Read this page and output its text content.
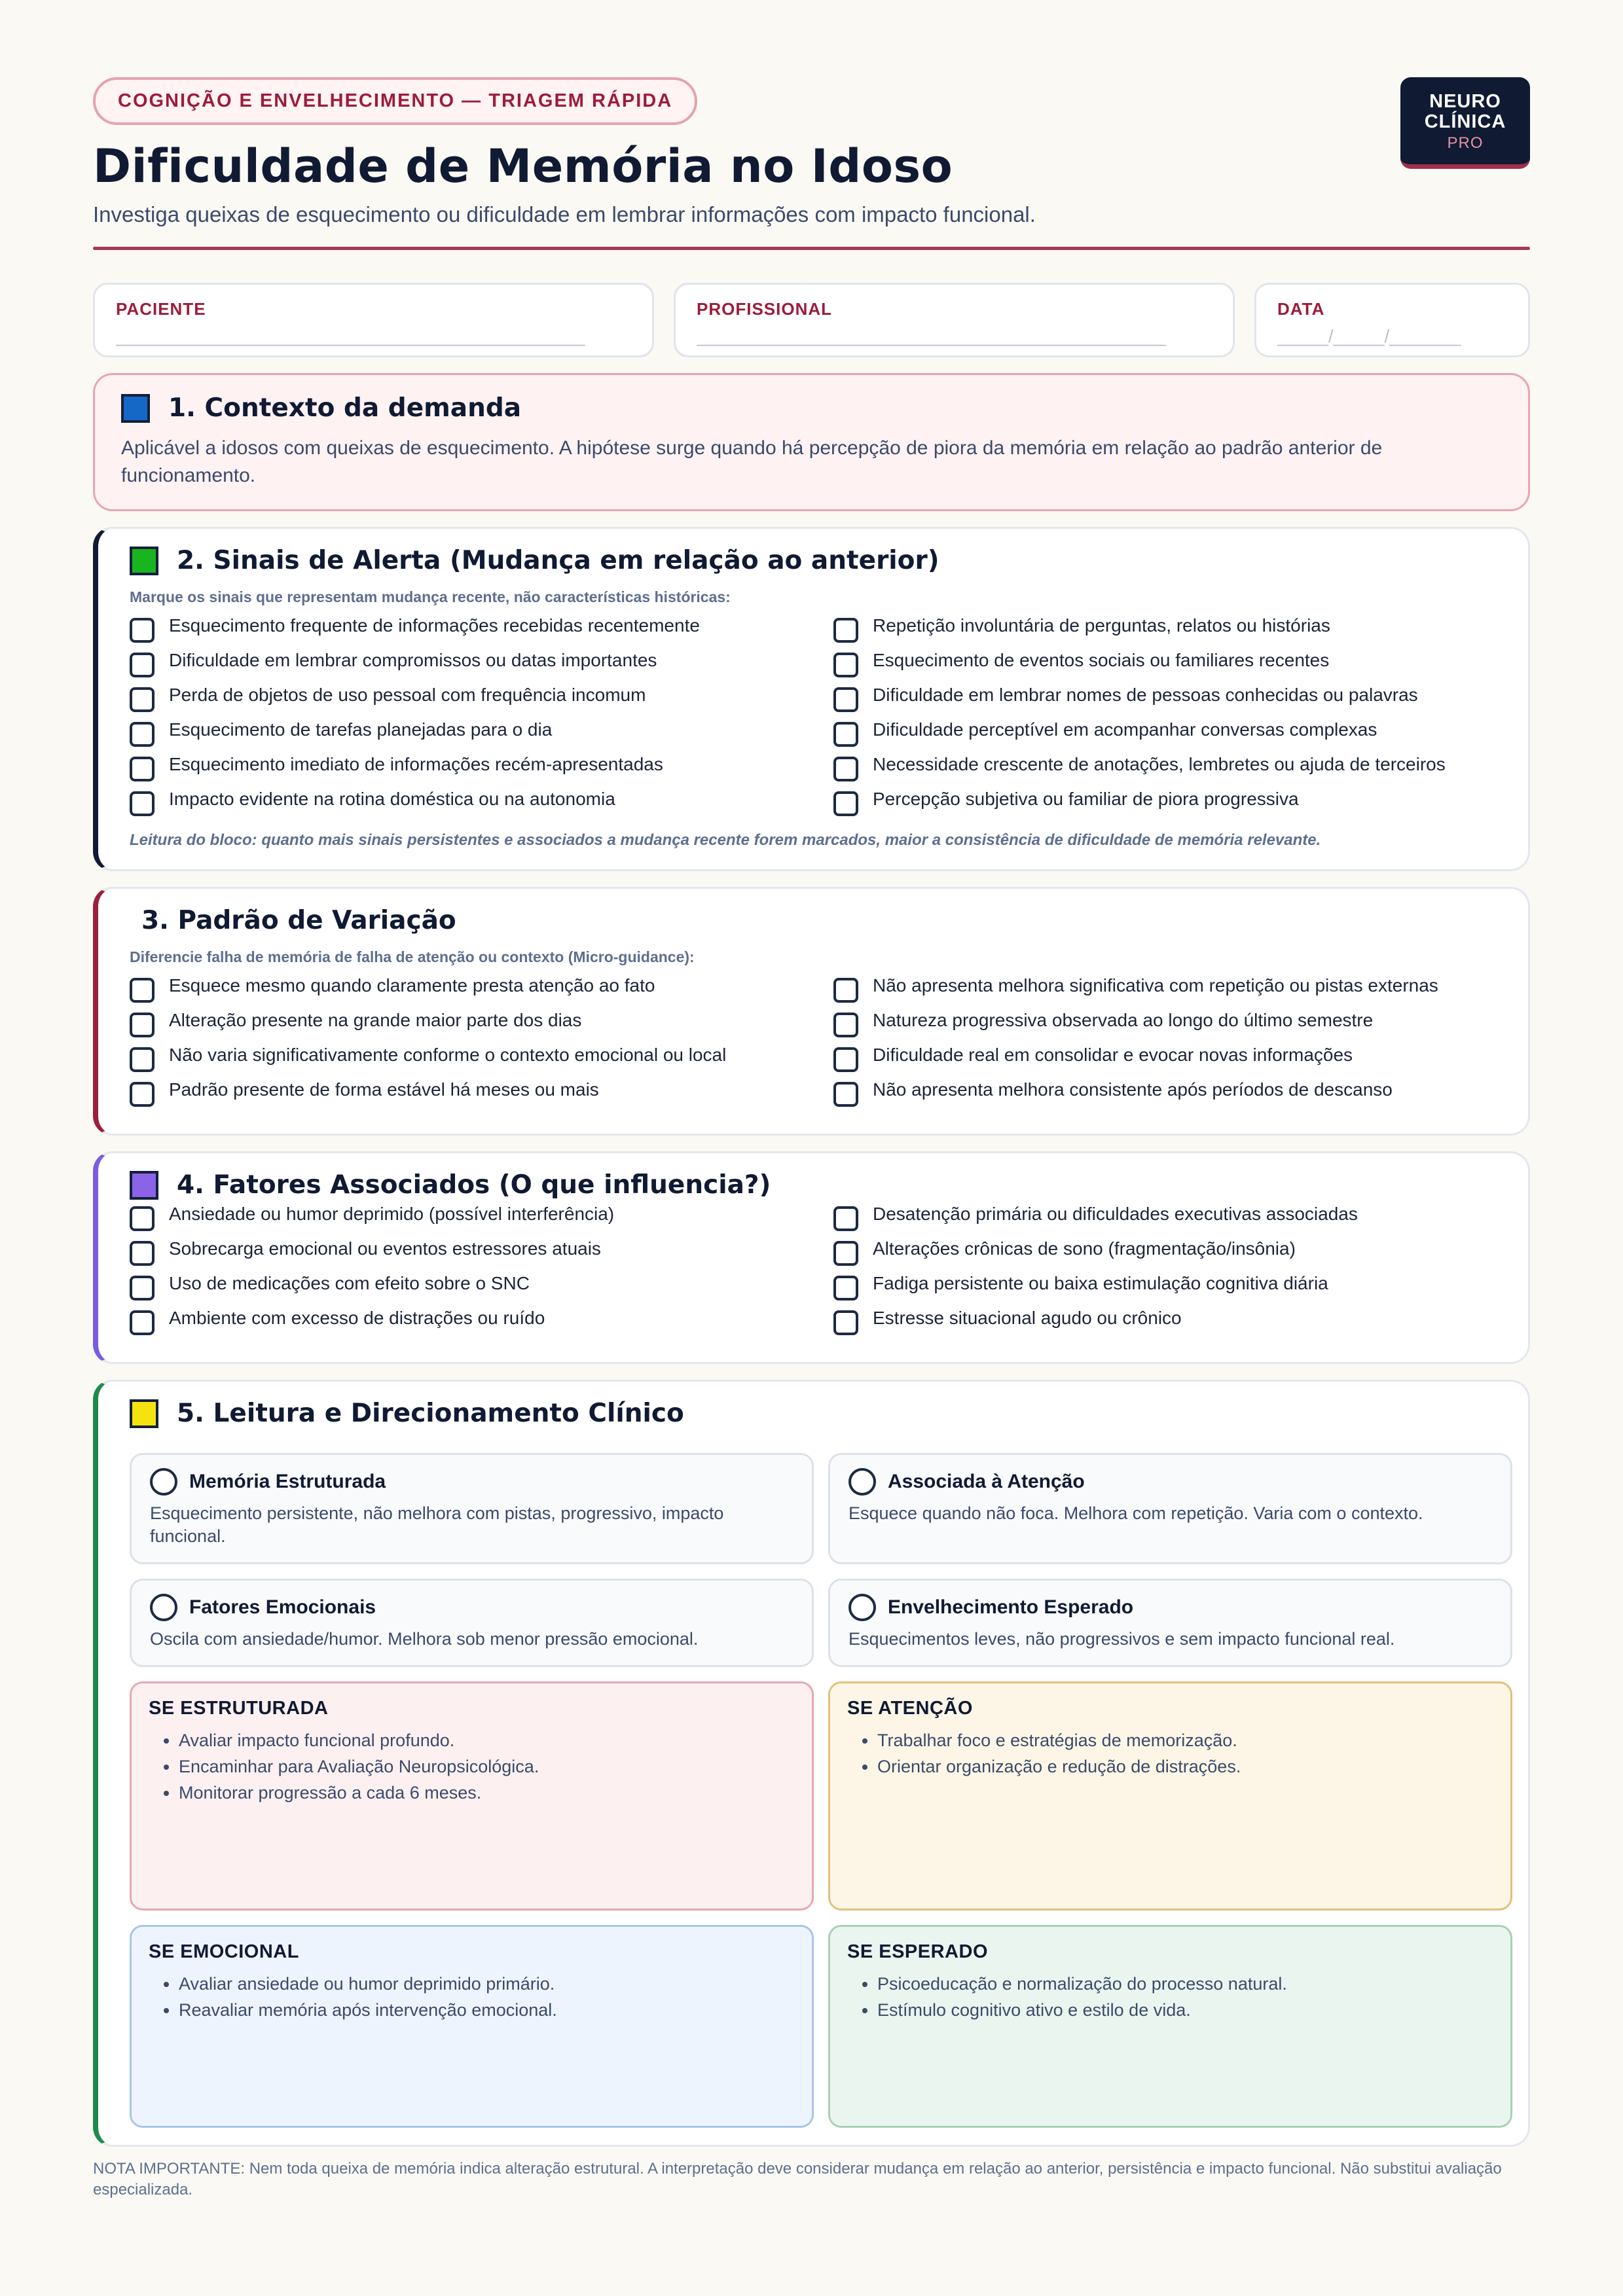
COGNIÇÃO E ENVELHECIMENTO — TRIAGEM RÁPIDA	NEURO
CLÍNICA
PRO
Dificuldade de Memória no Idoso
Investiga queixas de esquecimento ou dificuldade em lembrar informações com impacto funcional.
PACIENTE
______________________________________________
PROFISSIONAL
______________________________________________
DATA
_____/_____/_______
1. Contexto da demanda
Aplicável a idosos com queixas de esquecimento. A hipótese surge quando há percepção de piora da memória em relação ao padrão anterior de funcionamento.
2. Sinais de Alerta (Mudança em relação ao anterior)
Marque os sinais que representam mudança recente, não características históricas:
Esquecimento frequente de informações recebidas recentemente
Dificuldade em lembrar compromissos ou datas importantes
Perda de objetos de uso pessoal com frequência incomum
Esquecimento de tarefas planejadas para o dia
Esquecimento imediato de informações recém-apresentadas
Impacto evidente na rotina doméstica ou na autonomia
Repetição involuntária de perguntas, relatos ou histórias
Esquecimento de eventos sociais ou familiares recentes
Dificuldade em lembrar nomes de pessoas conhecidas ou palavras
Dificuldade perceptível em acompanhar conversas complexas
Necessidade crescente de anotações, lembretes ou ajuda de terceiros
Percepção subjetiva ou familiar de piora progressiva
Leitura do bloco: quanto mais sinais persistentes e associados a mudança recente forem marcados, maior a consistência de dificuldade de memória relevante.
3. Padrão de Variação
Diferencie falha de memória de falha de atenção ou contexto (Micro-guidance):
Esquece mesmo quando claramente presta atenção ao fato
Alteração presente na grande maior parte dos dias
Não varia significativamente conforme o contexto emocional ou local
Padrão presente de forma estável há meses ou mais
Não apresenta melhora significativa com repetição ou pistas externas
Natureza progressiva observada ao longo do último semestre
Dificuldade real em consolidar e evocar novas informações
Não apresenta melhora consistente após períodos de descanso
4. Fatores Associados (O que influencia?)
Ansiedade ou humor deprimido (possível interferência)
Sobrecarga emocional ou eventos estressores atuais
Uso de medicações com efeito sobre o SNC
Ambiente com excesso de distrações ou ruído
Desatenção primária ou dificuldades executivas associadas
Alterações crônicas de sono (fragmentação/insônia)
Fadiga persistente ou baixa estimulação cognitiva diária
Estresse situacional agudo ou crônico
5. Leitura e Direcionamento Clínico
Memória Estruturada
Esquecimento persistente, não melhora com pistas, progressivo, impacto funcional.
Associada à Atenção
Esquece quando não foca. Melhora com repetição. Varia com o contexto.
Fatores Emocionais
Oscila com ansiedade/humor. Melhora sob menor pressão emocional.
Envelhecimento Esperado
Esquecimentos leves, não progressivos e sem impacto funcional real.
SE ESTRUTURADA
• Avaliar impacto funcional profundo.
• Encaminhar para Avaliação Neuropsicológica.
• Monitorar progressão a cada 6 meses.
SE ATENÇÃO
• Trabalhar foco e estratégias de memorização.
• Orientar organização e redução de distrações.
SE EMOCIONAL
• Avaliar ansiedade ou humor deprimido primário.
• Reavaliar memória após intervenção emocional.
SE ESPERADO
• Psicoeducação e normalização do processo natural.
• Estímulo cognitivo ativo e estilo de vida.
NOTA IMPORTANTE: Nem toda queixa de memória indica alteração estrutural. A interpretação deve considerar mudança em relação ao anterior, persistência e impacto funcional. Não substitui avaliação especializada.
